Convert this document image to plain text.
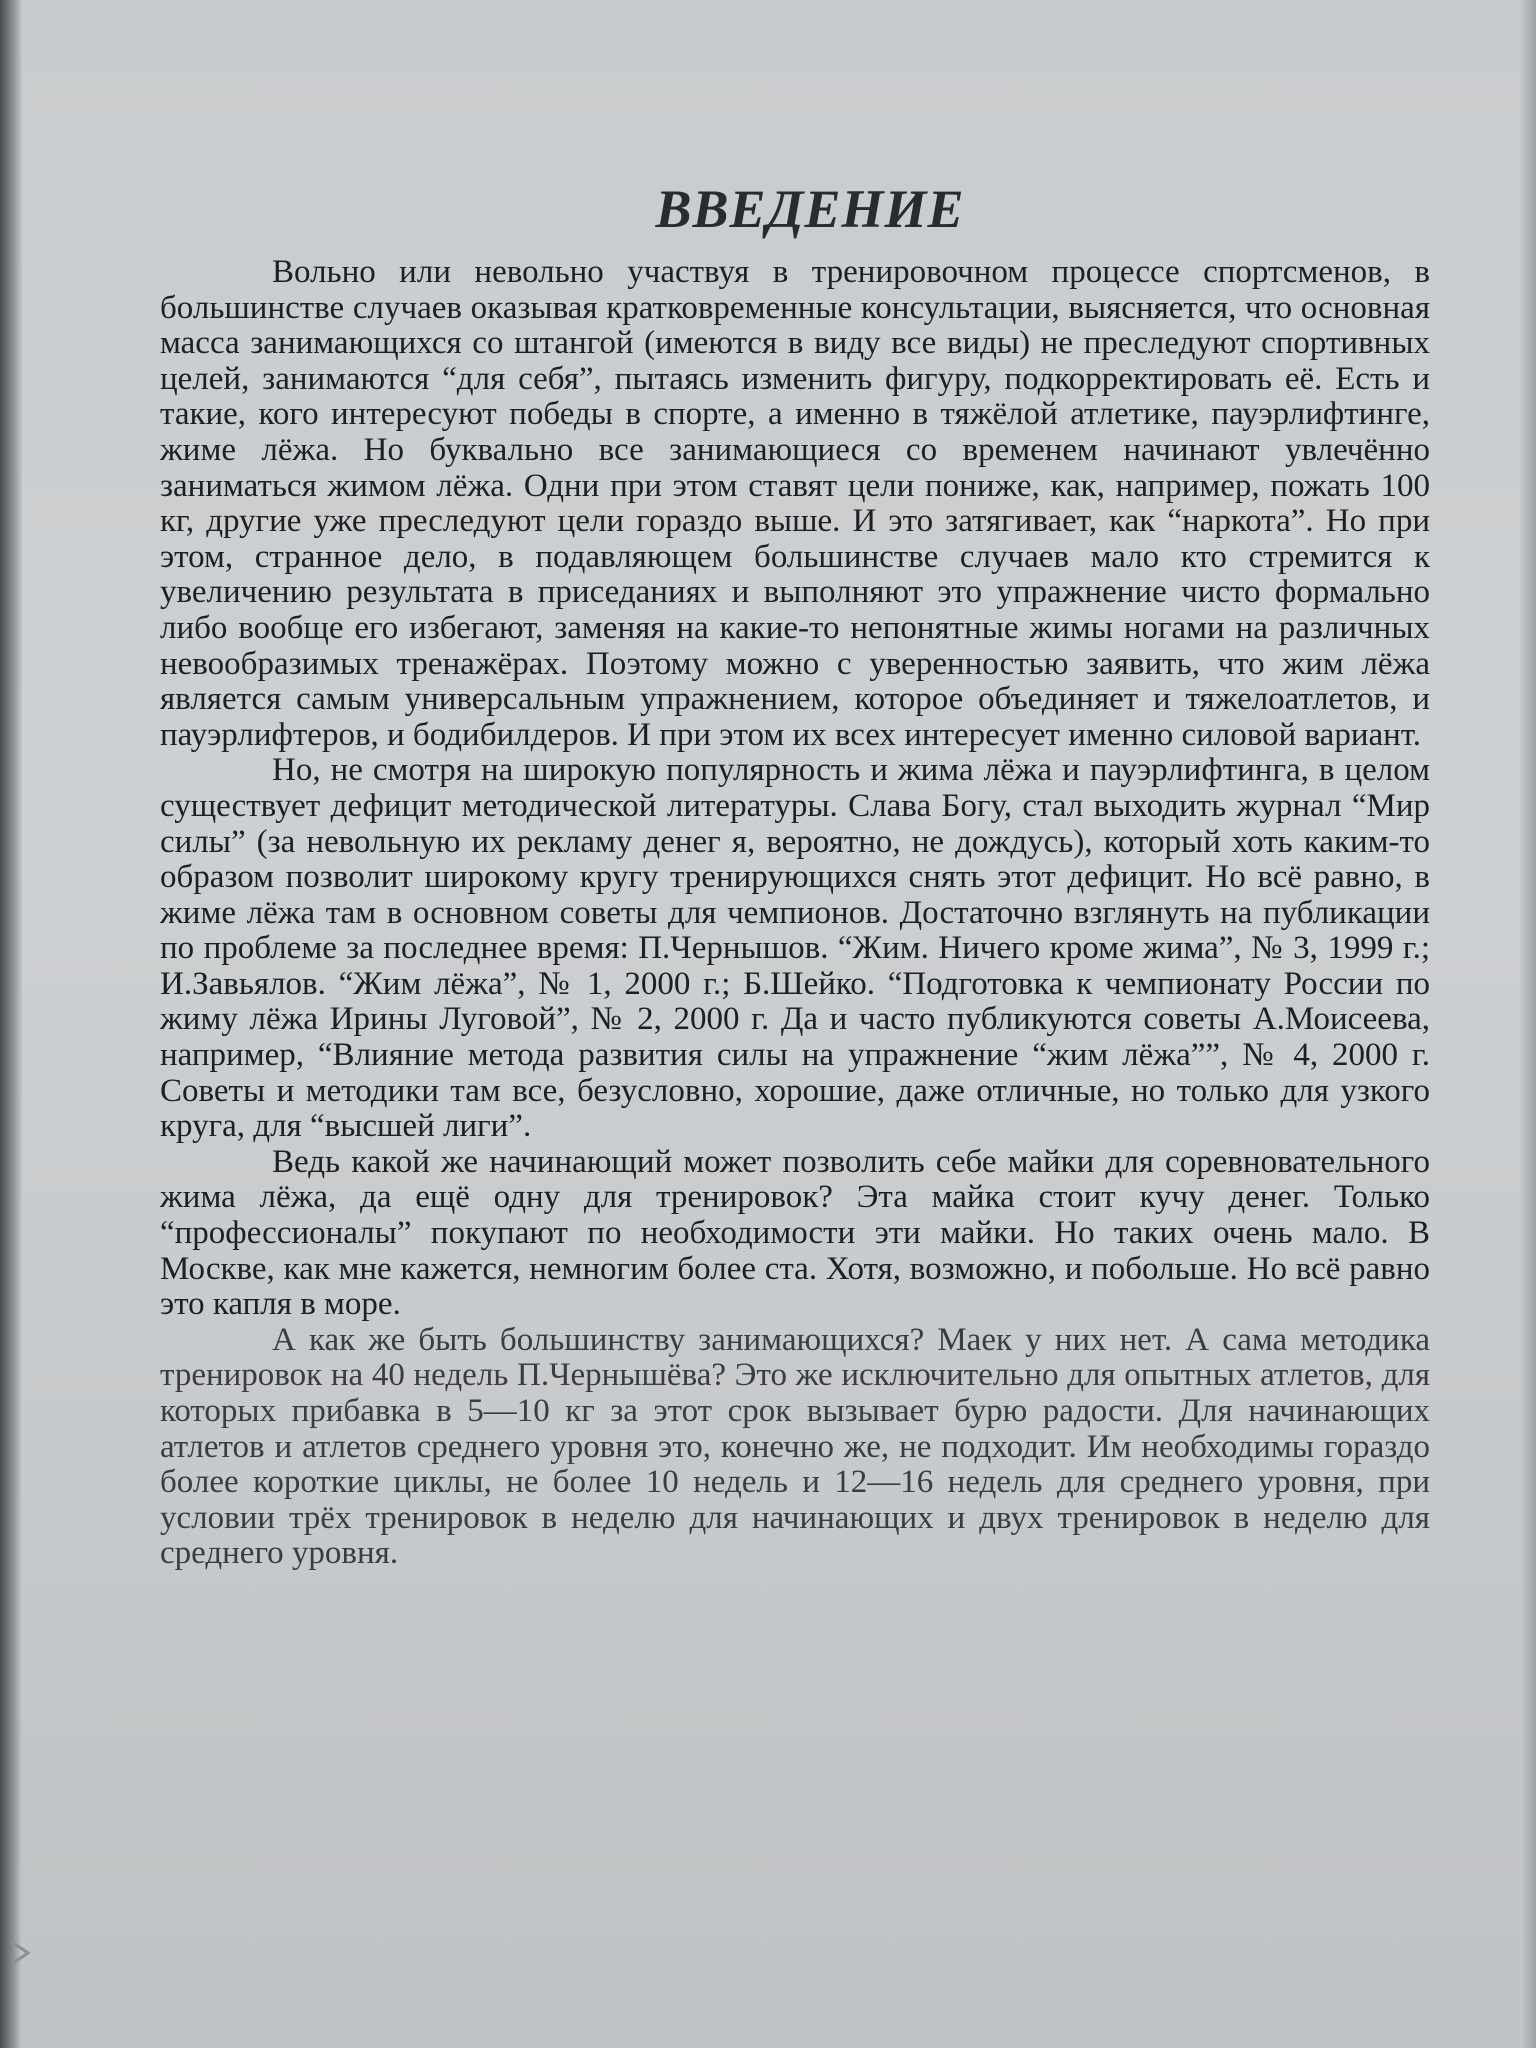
ВВЕДЕНИЕ

Вольно или невольно участвуя в тренировочном процессе спортсменов, в большинстве случаев оказывая кратковременные консультации, выясняется, что основная масса занимающихся со штангой (имеются в виду все виды) не преследуют спортивных целей, занимаются “для себя”, пытаясь изменить фигуру, подкорректировать её. Есть и такие, кого интересуют победы в спорте, а именно в тяжёлой атлетике, пауэрлифтинге, жиме лёжа. Но буквально все занимающиеся со временем начинают увлечённо заниматься жимом лёжа. Одни при этом ставят цели пониже, как, например, пожать 100 кг, другие уже преследуют цели гораздо выше. И это затягивает, как “наркота”. Но при этом, странное дело, в подавляющем большинстве случаев мало кто стремится к увеличению результата в приседаниях и выполняют это упражнение чисто формально либо вообще его избегают, заменяя на какие-то непонятные жимы ногами на различных невообразимых тренажёрах. Поэтому можно с уверенностью заявить, что жим лёжа является самым универсальным упражнением, которое объединяет и тяжелоатлетов, и пауэрлифтеров, и бодибилдеров. И при этом их всех интересует именно силовой вариант.

Но, не смотря на широкую популярность и жима лёжа и пауэрлифтинга, в целом существует дефицит методической литературы. Слава Богу, стал выходить журнал “Мир силы” (за невольную их рекламу денег я, вероятно, не дождусь), который хоть каким-то образом позволит широкому кругу тренирующихся снять этот дефицит. Но всё равно, в жиме лёжа там в основном советы для чемпионов. Достаточно взглянуть на публикации по проблеме за последнее время: П.Чернышов. “Жим. Ничего кроме жима”, № 3, 1999 г.; И.Завьялов. “Жим лёжа”, № 1, 2000 г.; Б.Шейко. “Подготовка к чемпионату России по жиму лёжа Ирины Луговой”, № 2, 2000 г. Да и часто публикуются советы А.Моисеева, например, “Влияние метода развития силы на упражнение “жим лёжа””, № 4, 2000 г. Советы и методики там все, безусловно, хорошие, даже отличные, но только для узкого круга, для “высшей лиги”.

Ведь какой же начинающий может позволить себе майки для соревновательного жима лёжа, да ещё одну для тренировок? Эта майка стоит кучу денег. Только “профессионалы” покупают по необходимости эти майки. Но таких очень мало. В Москве, как мне кажется, немногим более ста. Хотя, возможно, и побольше. Но всё равно это капля в море.

А как же быть большинству занимающихся? Маек у них нет. А сама методика тренировок на 40 недель П.Чернышёва? Это же исключительно для опытных атлетов, для которых прибавка в 5—10 кг за этот срок вызывает бурю радости. Для начинающих атлетов и атлетов среднего уровня это, конечно же, не подходит. Им необходимы гораздо более короткие циклы, не более 10 недель и 12—16 недель для среднего уровня, при условии трёх тренировок в неделю для начинающих и двух тренировок в неделю для среднего уровня.
